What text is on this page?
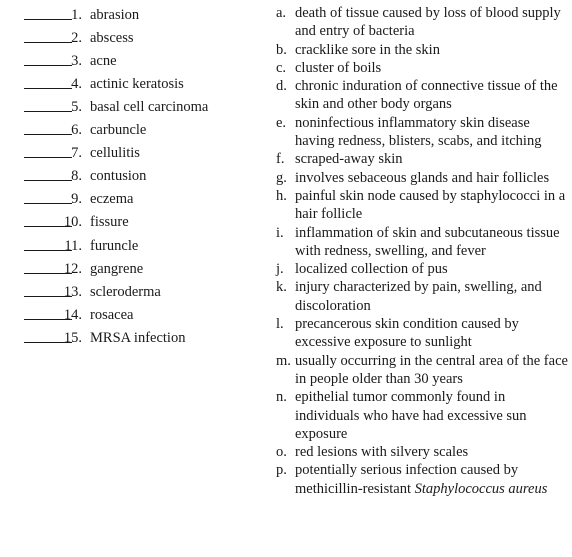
1. abrasion
2. abscess
3. acne
4. actinic keratosis
5. basal cell carcinoma
6. carbuncle
7. cellulitis
8. contusion
9. eczema
10. fissure
11. furuncle
12. gangrene
13. scleroderma
14. rosacea
15. MRSA infection
a. death of tissue caused by loss of blood supply and entry of bacteria
b. cracklike sore in the skin
c. cluster of boils
d. chronic induration of connective tissue of the skin and other body organs
e. noninfectious inflammatory skin disease having redness, blisters, scabs, and itching
f. scraped-away skin
g. involves sebaceous glands and hair follicles
h. painful skin node caused by staphylococci in a hair follicle
i. inflammation of skin and subcutaneous tissue with redness, swelling, and fever
j. localized collection of pus
k. injury characterized by pain, swelling, and discoloration
l. precancerous skin condition caused by excessive exposure to sunlight
m. usually occurring in the central area of the face in people older than 30 years
n. epithelial tumor commonly found in individuals who have had excessive sun exposure
o. red lesions with silvery scales
p. potentially serious infection caused by methicillin-resistant Staphylococcus aureus
